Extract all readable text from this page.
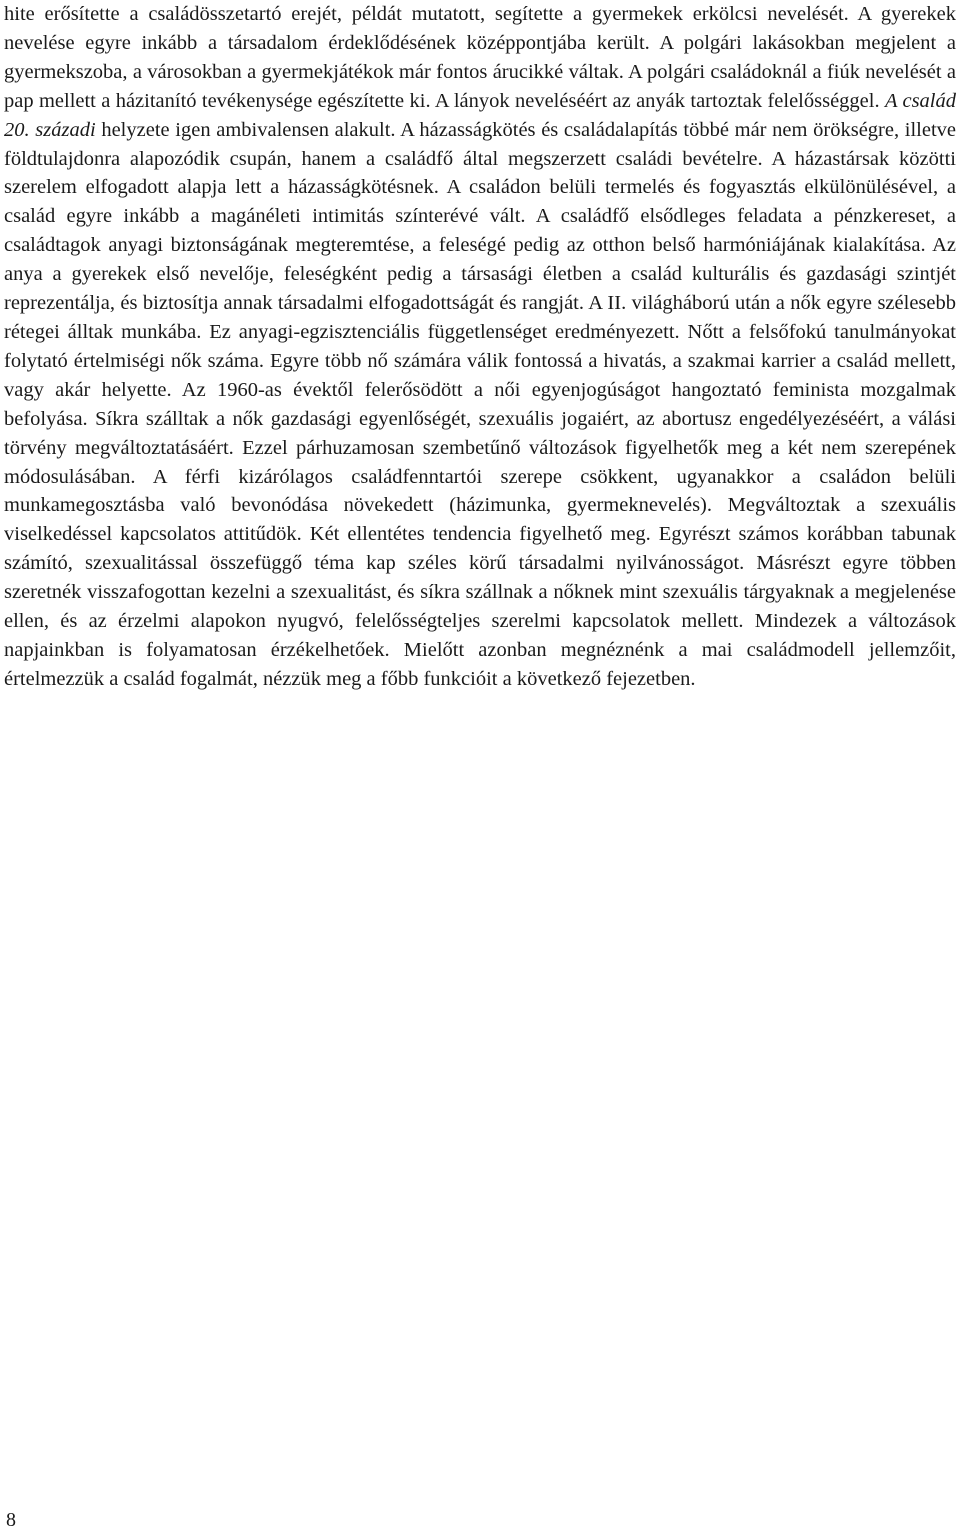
hite erősítette a családösszetartó erejét, példát mutatott, segítette a gyermekek erkölcsi nevelését. A gyerekek nevelése egyre inkább a társadalom érdeklődésének középpontjába került. A polgári lakásokban megjelent a gyermekszoba, a városokban a gyermekjátékok már fontos árucikké váltak. A polgári családoknál a fiúk nevelését a pap mellett a házitanító tevékenysége egészítette ki. A lányok neveléséért az anyák tartoztak felelősséggel. A család 20. századi helyzete igen ambivalensen alakult. A házasságkötés és családalapítás többé már nem örökségre, illetve földtulajdonra alapozódik csupán, hanem a családfő által megszerzett családi bevételre. A házastársak közötti szerelem elfogadott alapja lett a házasságkötésnek. A családon belüli termelés és fogyasztás elkülönülésével, a család egyre inkább a magánéleti intimitás színterévé vált. A családfő elsődleges feladata a pénzkereset, a családtagok anyagi biztonságának megteremtése, a feleségé pedig az otthon belső harmóniájának kialakítása. Az anya a gyerekek első nevelője, feleségként pedig a társasági életben a család kulturális és gazdasági szintjét reprezentálja, és biztosítja annak társadalmi elfogadottságát és rangját. A II. világháború után a nők egyre szélesebb rétegei álltak munkába. Ez anyagi-egzisztenciális függetlenséget eredményezett. Nőtt a felsőfokú tanulmányokat folytató értelmiségi nők száma. Egyre több nő számára válik fontossá a hivatás, a szakmai karrier a család mellett, vagy akár helyette. Az 1960-as évektől felerősödött a női egyenjogúságot hangoztató feminista mozgalmak befolyása. Síkra szálltak a nők gazdasági egyenlőségét, szexuális jogaiért, az abortusz engedélyezéséért, a válási törvény megváltoztatásáért. Ezzel párhuzamosan szembetűnő változások figyelhetők meg a két nem szerepének módosulásában. A férfi kizárólagos családfenntartói szerepe csökkent, ugyanakkor a családon belüli munkamegosztásba való bevonódása növekedett (házimunka, gyermeknevelés). Megváltoztak a szexuális viselkedéssel kapcsolatos attitűdök. Két ellentétes tendencia figyelhető meg. Egyrészt számos korábban tabunak számító, szexualitással összefüggő téma kap széles körű társadalmi nyilvánosságot. Másrészt egyre többen szeretnék visszafogottan kezelni a szexualitást, és síkra szállnak a nőknek mint szexuális tárgyaknak a megjelenése ellen, és az érzelmi alapokon nyugvó, felelősségteljes szerelmi kapcsolatok mellett. Mindezek a változások napjainkban is folyamatosan érzékelhetőek. Mielőtt azonban megnéznénk a mai családmodell jellemzőit, értelmezzük a család fogalmát, nézzük meg a főbb funkcióit a következő fejezetben.

8
